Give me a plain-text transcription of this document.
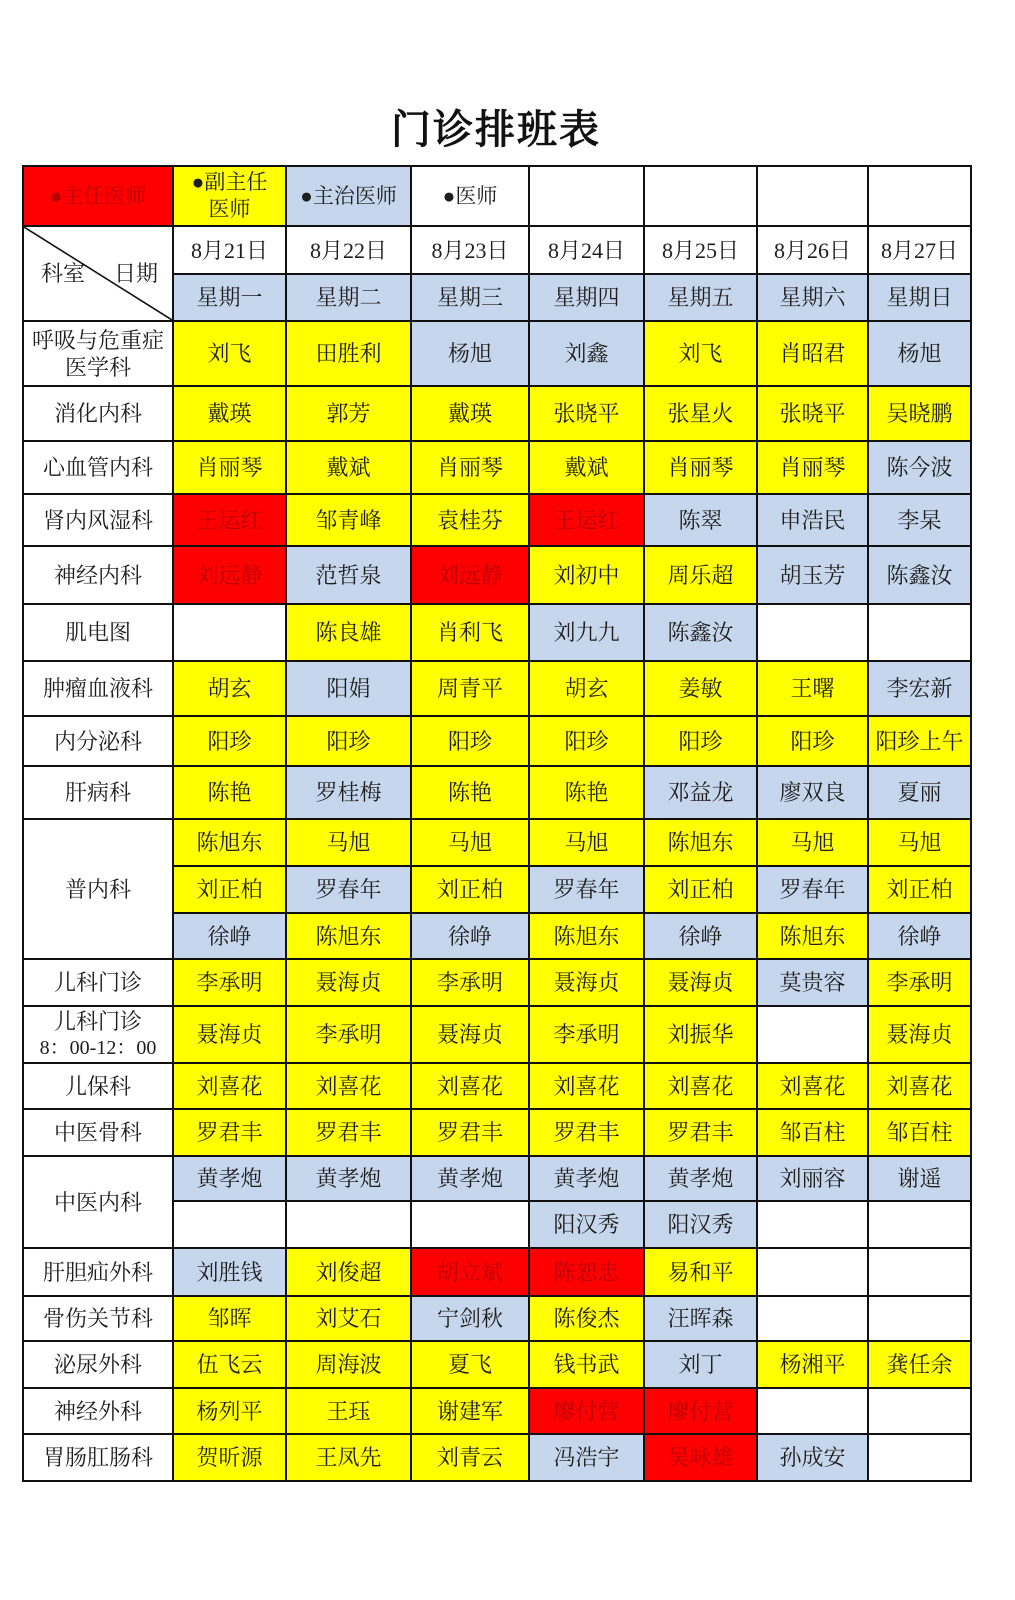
门诊排班表
●主任医师	●副主任医师	●主治医师	●医师				

科室 日期	8月21日	8月22日	8月23日	8月24日	8月25日	8月26日	8月27日
	星期一	星期二	星期三	星期四	星期五	星期六	星期日

呼吸与危重症医学科	刘飞	田胜利	杨旭	刘鑫	刘飞	肖昭君	杨旭

消化内科	戴瑛	郭芳	戴瑛	张晓平	张星火	张晓平	吴晓鹏

心血管内科	肖丽琴	戴斌	肖丽琴	戴斌	肖丽琴	肖丽琴	陈今波

肾内风湿科	王运红	邹青峰	袁桂芬	王运红	陈翠	申浩民	李杲

神经内科	刘远静	范哲泉	刘远静	刘初中	周乐超	胡玉芳	陈鑫汝

肌电图		陈良雄	肖利飞	刘九九	陈鑫汝		

肿瘤血液科	胡玄	阳娟	周青平	胡玄	姜敏	王曙	李宏新

内分泌科	阳珍	阳珍	阳珍	阳珍	阳珍	阳珍	阳珍上午

肝病科	陈艳	罗桂梅	陈艳	陈艳	邓益龙	廖双良	夏丽

普内科	陈旭东	马旭	马旭	马旭	陈旭东	马旭	马旭
	刘正柏	罗春年	刘正柏	罗春年	刘正柏	罗春年	刘正柏
	徐峥	陈旭东	徐峥	陈旭东	徐峥	陈旭东	徐峥

儿科门诊	李承明	聂海贞	李承明	聂海贞	聂海贞	莫贵容	李承明

儿科门诊
8：00-12：00	聂海贞	李承明	聂海贞	李承明	刘振华		聂海贞

儿保科	刘喜花	刘喜花	刘喜花	刘喜花	刘喜花	刘喜花	刘喜花

中医骨科	罗君丰	罗君丰	罗君丰	罗君丰	罗君丰	邹百柱	邹百柱

中医内科	黄孝炮	黄孝炮	黄孝炮	黄孝炮	黄孝炮	刘丽容	谢遥
				阳汉秀	阳汉秀		

肝胆疝外科	刘胜钱	刘俊超	胡立斌	陈恕忠	易和平		

骨伤关节科	邹晖	刘艾石	宁剑秋	陈俊杰	汪晖森		

泌尿外科	伍飞云	周海波	夏飞	钱书武	刘丁	杨湘平	龚任余

神经外科	杨列平	王珏	谢建军	廖付营	廖付营		

胃肠肛肠科	贺昕源	王凤先	刘青云	冯浩宇	吴咏雄	孙成安	
